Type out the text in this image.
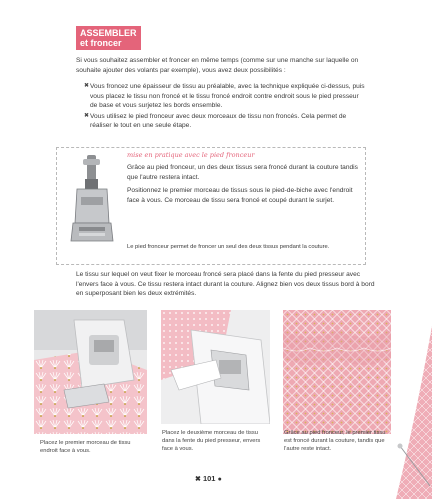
ASSEMBLER
et froncer

Si vous souhaitez assembler et froncer en même temps (comme sur une manche sur laquelle on souhaite ajouter des volants par exemple), vous avez deux possibilités :

✖ Vous froncez une épaisseur de tissu au préalable, avec la technique expliquée ci-dessus, puis vous placez le tissu non froncé et le tissu froncé endroit contre endroit sous le pied presseur de base et vous surjetez les bords ensemble.
✖ Vous utilisez le pied fronceur avec deux morceaux de tissu non froncés. Cela permet de réaliser le tout en une seule étape.
mise en pratique avec le pied fronceur

Grâce au pied fronceur, un des deux tissus sera froncé durant la couture tandis que l'autre restera intact.

Positionnez le premier morceau de tissus sous le pied-de-biche avec l'endroit face à vous. Ce morceau de tissu sera froncé et coupé durant le surjet.

Le pied fronceur permet de froncer un seul des deux tissus pendant la couture.

Le tissu sur lequel on veut fixer le morceau froncé sera placé dans la fente du pied presseur avec l'envers face à vous. Ce tissu restera intact durant la couture. Alignez bien vos deux tissus bord à bord en superposant bien les deux extrémités.

Placez le premier morceau de tissu endroit face à vous.

Placez le deuxième morceau de tissu dans la fente du pied presseur, envers face à vous.

Grâce au pied fronceur, le premier tissu est froncé durant la couture, tandis que l'autre reste intact.

✖ 101 ●
